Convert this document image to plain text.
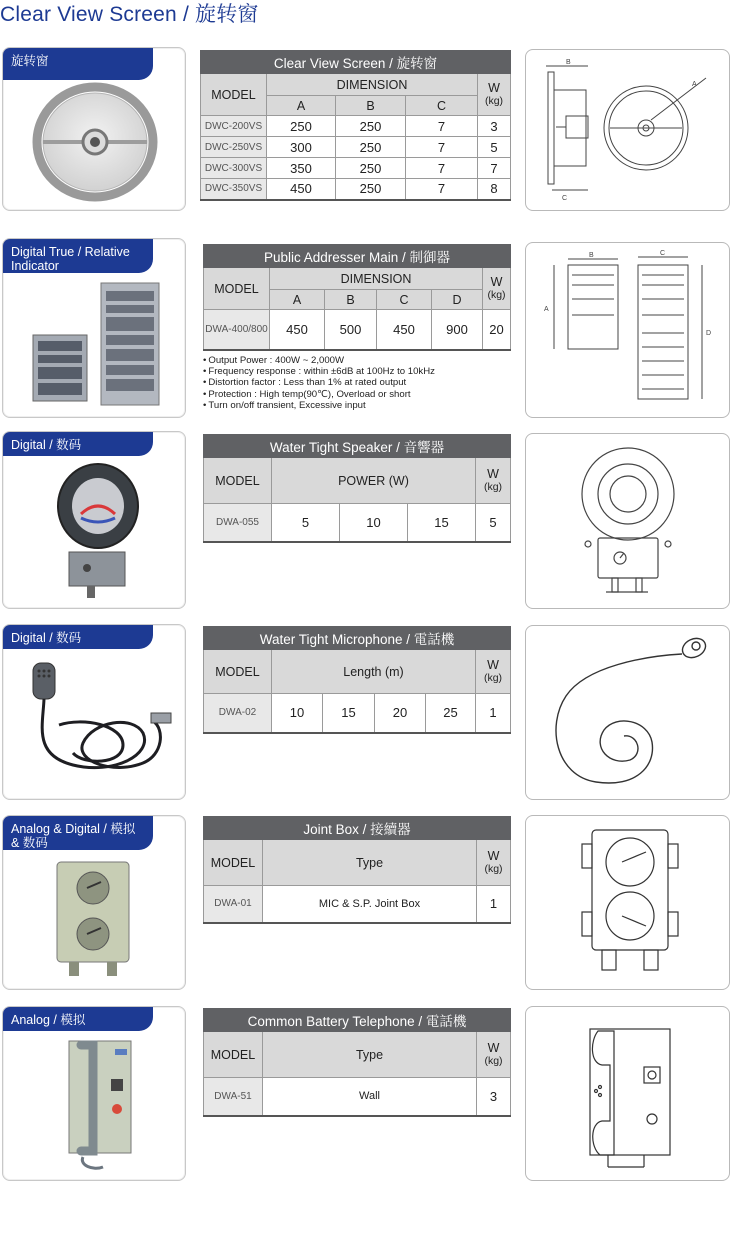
Clear View Screen / 旋转窗
旋转窗	Clear View Screen / 旋转窗				
MODEL	DIMENSION			W
(kg)

	A	B	C	
DWC-200VS	250	250	7	3
DWC-250VS	300	250	7	5
DWC-300VS	350	250	7	7
DWC-350VS	450	250	7	8
B
C
A
Digital True / Relative Indicator
Public Addresser Main / 制御器					
MODEL	DIMENSION				W
(kg)

	A	B	C	D	
DWA-400/800	450	500	450	900	20
• Output Power : 400W ~ 2,000W
• Frequency response : within ±6dB at 100Hz to 10kHz
• Distortion factor : Less than 1% at rated output
• Protection : High temp(90℃), Overload or short
• Turn on/off transient, Excessive input
B	C
A
D
Digital / 数码	Water Tight Speaker / 音響器				
MODEL	POWER (W)			W
(kg)

DWA-055	5	10	15	5
Digital / 数码	Water Tight Microphone / 電話機					
MODEL	Length (m)				W
(kg)

DWA-02	10	15	20	25	1
Analog & Digital / 模拟 & 数码
Joint Box / 接續器		
MODEL	Type	W
(kg)

DWA-01	MIC & S.P. Joint Box	1
Analog / 模拟	Common Battery Telephone / 電話機		
MODEL	Type	W
(kg)

DWA-51	Wall	3
